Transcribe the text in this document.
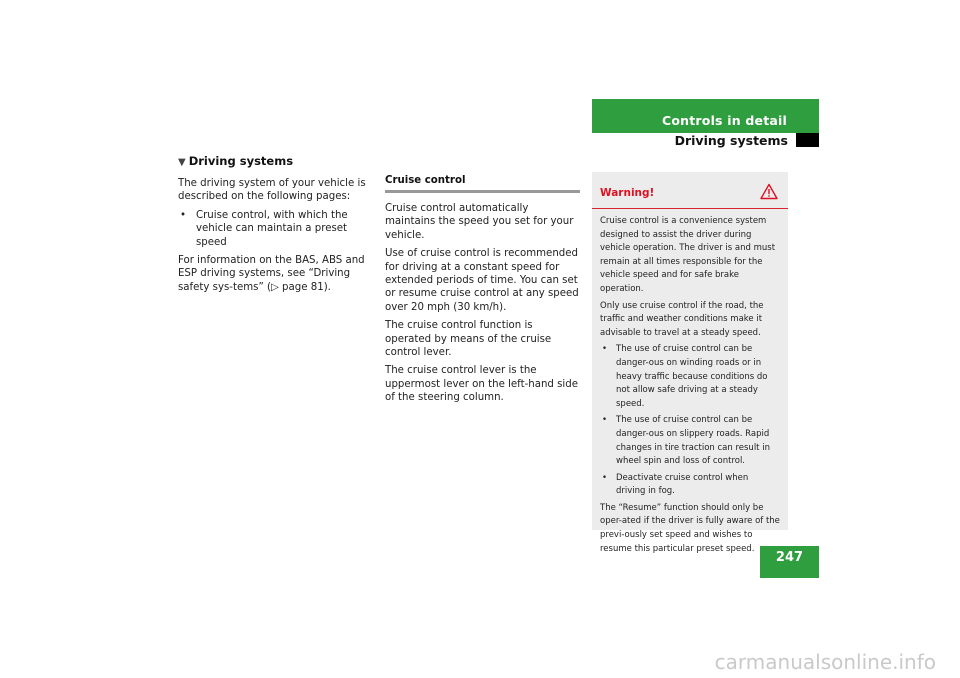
Controls in detail
Driving systems
▼ Driving systems

The driving system of your vehicle is described on the following pages:

• Cruise control, with which the vehicle can maintain a preset speed

For information on the BAS, ABS and ESP driving systems, see “Driving safety sys-tems” (▷ page 81).

Cruise control

Cruise control automatically maintains the speed you set for your vehicle.

Use of cruise control is recommended for driving at a constant speed for extended periods of time. You can set or resume cruise control at any speed over 20 mph (30 km/h).

The cruise control function is operated by means of the cruise control lever.

The cruise control lever is the uppermost lever on the left-hand side of the steering column.

Warning!

Cruise control is a convenience system designed to assist the driver during vehicle operation. The driver is and must remain at all times responsible for the vehicle speed and for safe brake operation.

Only use cruise control if the road, the traffic and weather conditions make it advisable to travel at a steady speed.

• The use of cruise control can be danger-ous on winding roads or in heavy traffic because conditions do not allow safe driving at a steady speed.
• The use of cruise control can be danger-ous on slippery roads. Rapid changes in tire traction can result in wheel spin and loss of control.
• Deactivate cruise control when driving in fog.

The “Resume” function should only be oper-ated if the driver is fully aware of the previ-ously set speed and wishes to resume this particular preset speed.

247
carmanualsonline.info
